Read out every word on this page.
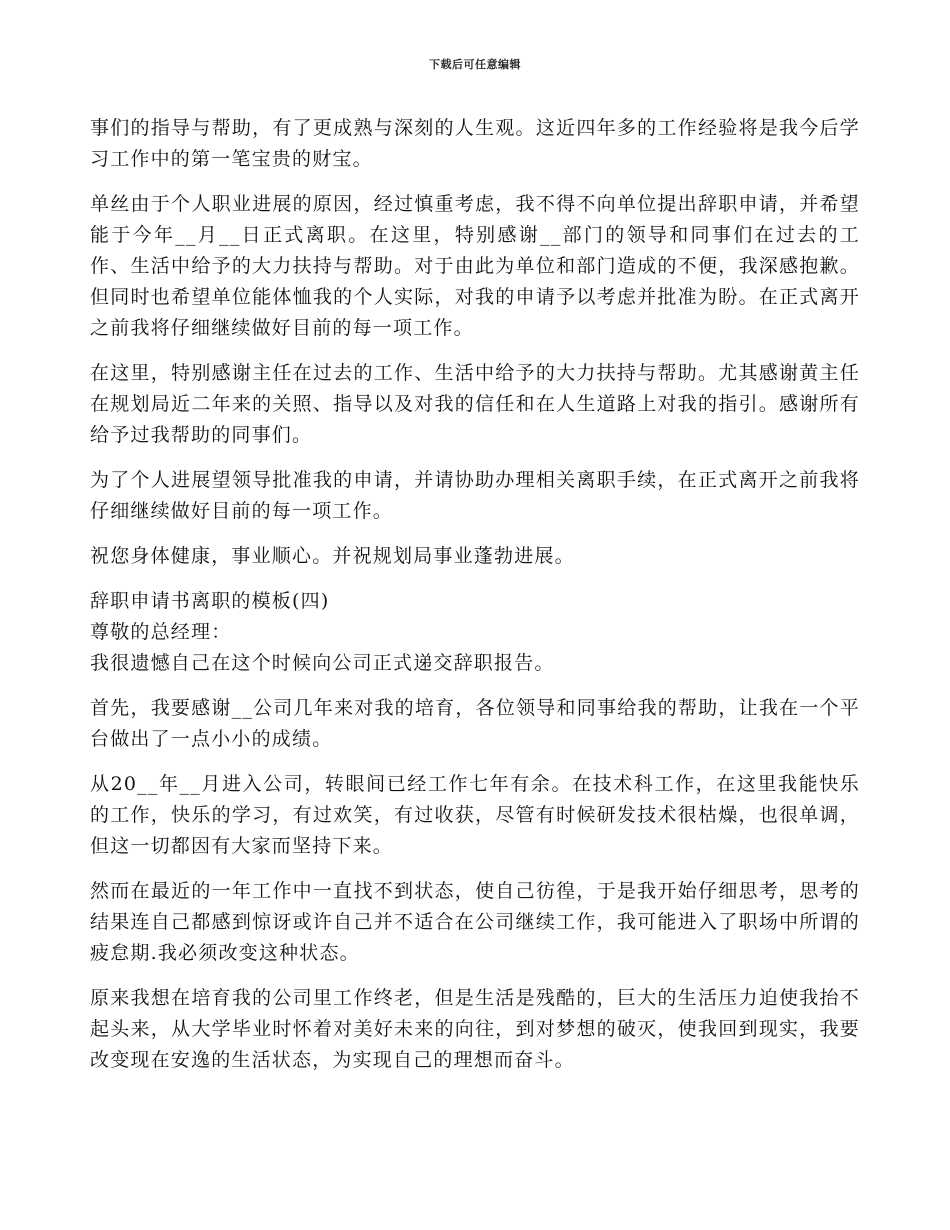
下载后可任意编辑

事们的指导与帮助，有了更成熟与深刻的人生观。这近四年多的工作经验将是我今后学习工作中的第一笔宝贵的财宝。

单丝由于个人职业进展的原因，经过慎重考虑，我不得不向单位提出辞职申请，并希望能于今年__月__日正式离职。在这里，特别感谢__部门的领导和同事们在过去的工作、生活中给予的大力扶持与帮助。对于由此为单位和部门造成的不便，我深感抱歉。但同时也希望单位能体恤我的个人实际，对我的申请予以考虑并批准为盼。在正式离开之前我将仔细继续做好目前的每一项工作。

在这里，特别感谢主任在过去的工作、生活中给予的大力扶持与帮助。尤其感谢黄主任在规划局近二年来的关照、指导以及对我的信任和在人生道路上对我的指引。感谢所有给予过我帮助的同事们。

为了个人进展望领导批准我的申请，并请协助办理相关离职手续，在正式离开之前我将仔细继续做好目前的每一项工作。

祝您身体健康，事业顺心。并祝规划局事业蓬勃进展。

辞职申请书离职的模板(四)

尊敬的总经理：

我很遗憾自己在这个时候向公司正式递交辞职报告。

首先，我要感谢__公司几年来对我的培育，各位领导和同事给我的帮助，让我在一个平台做出了一点小小的成绩。

从20__年__月进入公司，转眼间已经工作七年有余。在技术科工作，在这里我能快乐的工作，快乐的学习，有过欢笑，有过收获，尽管有时候研发技术很枯燥，也很单调，但这一切都因有大家而坚持下来。

然而在最近的一年工作中一直找不到状态，使自己彷徨，于是我开始仔细思考，思考的结果连自己都感到惊讶或许自己并不适合在公司继续工作，我可能进入了职场中所谓的疲怠期.我必须改变这种状态。

原来我想在培育我的公司里工作终老，但是生活是残酷的，巨大的生活压力迫使我抬不起头来，从大学毕业时怀着对美好未来的向往，到对梦想的破灭，使我回到现实，我要改变现在安逸的生活状态，为实现自己的理想而奋斗。
